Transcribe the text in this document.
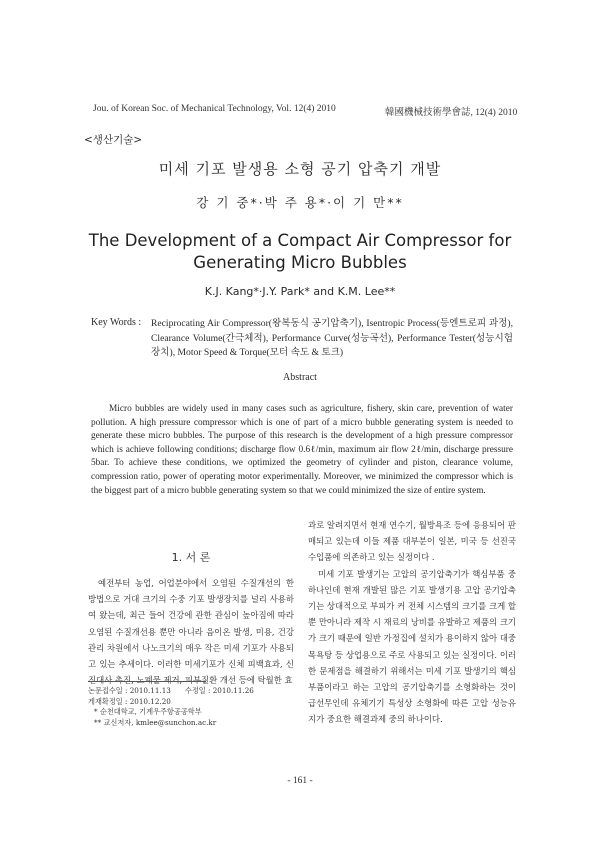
Jou. of Korean Soc. of Mechanical Technology, Vol. 12(4) 2010	韓國機械技術學會誌, 12(4) 2010
<생산기술>
미세 기포 발생용 소형 공기 압축기 개발
강 기 중*·박 주 용*·이 기 만**
The Development of a Compact Air Compressor for
Generating Micro Bubbles
K.J. Kang*·J.Y. Park* and K.M. Lee**
Key Words : Reciprocating Air Compressor(왕복동식 공기압축기), Isentropic Process(등엔트로피 과정), Clearance Volume(간극체적), Performance Curve(성능곡선), Performance Tester(성능시험장치), Motor Speed & Torque(모터 속도 & 토크)
Abstract

Micro bubbles are widely used in many cases such as agriculture, fishery, skin care, prevention of water pollution. A high pressure compressor which is one of part of a micro bubble generating system is needed to generate these micro bubbles. The purpose of this research is the development of a high pressure compressor which is achieve following conditions; discharge flow 0.6ℓ/min, maximum air flow 2ℓ/min, discharge pressure 5bar. To achieve these conditions, we optimized the geometry of cylinder and piston, clearance volume, compression ratio, power of operating motor experimentally. Moreover, we minimized the compressor which is the biggest part of a micro bubble generating system so that we could minimized the size of entire system.

1. 서 론

예전부터 농업, 어업분야에서 오염된 수질개선의 한 방법으로 거대 크기의 수중 기포 발생장치를 널리 사용하여 왔는데, 최근 들어 건강에 관한 관심이 높아짐에 따라 오염된 수질개선용 뿐만 아니라 음이온 발생, 미용, 건강관리 차원에서 나노크기의 매우 작은 미세 기포가 사용되고 있는 추세이다. 이러한 미세기포가 신체 피백효과, 신진대사 촉진, 노폐물 제거, 피부질환 개선 등에 탁월한 효

논문접수일 : 2010.11.13 수정일 : 2010.11.26
게재확정일 : 2010.12.20
* 순천대학교, 기계우주항공공학부
** 교신저자, kmlee@sunchon.ac.kr

과로 알려지면서 현재 연수기, 월방욕조 등에 응용되어 판매되고 있는데 이들 제품 대부분이 일본, 미국 등 선진국 수입품에 의존하고 있는 실정이다 .

미세 기포 발생기는 고압의 공기압축기가 핵심부품 중 하나인데 현재 개발된 많은 기포 발생기용 고압 공기압축기는 상대적으로 부피가 커 전체 시스템의 크기를 크게 할 뿐 만아니라 제작 시 재료의 낭비를 유발하고 제품의 크기가 크기 때문에 일반 가정집에 설치가 용이하지 않아 대중목욕탕 등 상업용으로 주로 사용되고 있는 실정이다. 이러한 문제점을 해결하기 위해서는 미세 기포 발생기의 핵심부품이라고 하는 고압의 공기압축기를 소형화하는 것이 급선무인데 유체기기 특성상 소형화에 따른 고압 성능유지가 중요한 해결과제 중의 하나이다.

- 161 -
